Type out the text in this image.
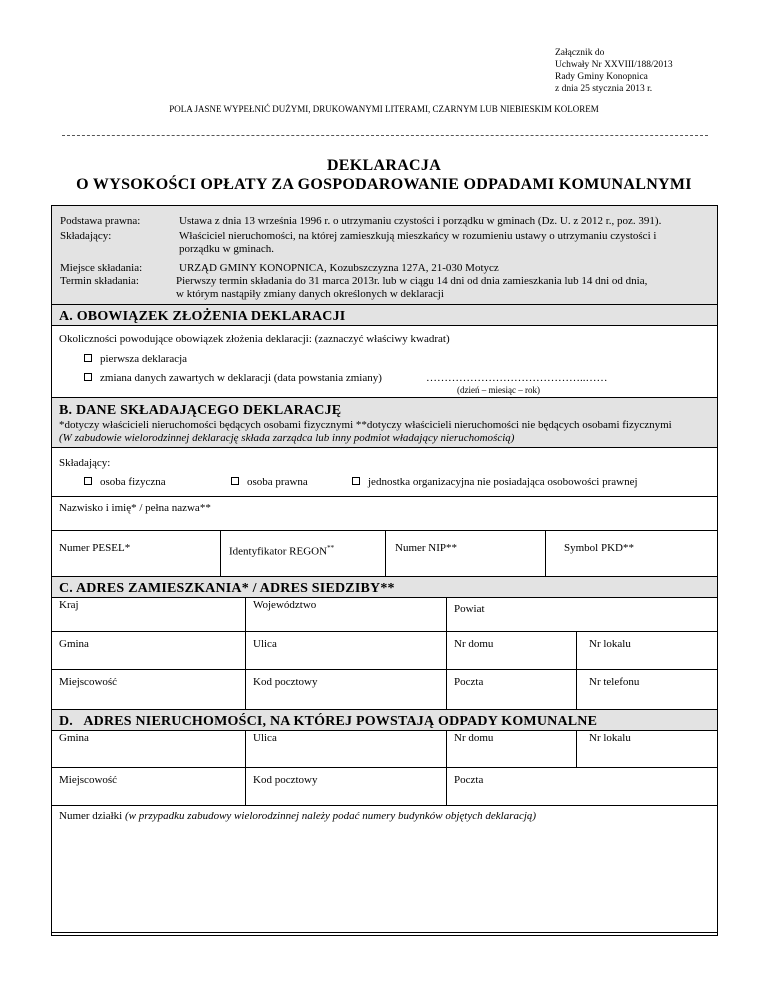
Załącznik do
Uchwały Nr XXVIII/188/2013
Rady Gminy Konopnica
z dnia 25 stycznia 2013 r.
POLA JASNE WYPEŁNIĆ DUŻYMI, DRUKOWANYMI LITERAMI, CZARNYM LUB NIEBIESKIM KOLOREM
DEKLARACJA
O WYSOKOŚCI OPŁATY ZA GOSPODAROWANIE ODPADAMI KOMUNALNYMI
Podstawa prawna:	Ustawa z dnia 13 września 1996 r. o utrzymaniu czystości i porządku w gminach (Dz. U. z 2012 r., poz. 391).
Składający:	Właściciel nieruchomości, na której zamieszkują mieszkańcy w rozumieniu ustawy o utrzymaniu czystości i
porządku w gminach.
Miejsce składania:	URZĄD GMINY KONOPNICA, Kozubszczyzna 127A, 21-030 Motycz
Termin składania:	Pierwszy termin składania do 31 marca 2013r. lub w ciągu 14 dni od dnia zamieszkania lub 14 dni od dnia,
w którym nastąpiły zmiany danych określonych w deklaracji
A. OBOWIĄZEK ZŁOŻENIA DEKLARACJI
Okoliczności powodujące obowiązek złożenia deklaracji: (zaznaczyć właściwy kwadrat)
pierwsza deklaracja
zmiana danych zawartych w deklaracji (data powstania zmiany)	……………………………………..……
(dzień – miesiąc – rok)
B. DANE SKŁADAJĄCEGO DEKLARACJĘ
*dotyczy właścicieli nieruchomości będących osobami fizycznymi **dotyczy właścicieli nieruchomości nie będących osobami fizycznymi
(W zabudowie wielorodzinnej deklarację składa zarządca lub inny podmiot władający nieruchomością)
Składający:
osoba fizyczna	osoba prawna	jednostka organizacyjna nie posiadająca osobowości prawnej
Nazwisko i imię* / pełna nazwa**
Numer PESEL*	Identyfikator REGON**	Numer NIP**	Symbol PKD**
C. ADRES ZAMIESZKANIA* / ADRES SIEDZIBY**
Kraj	Województwo	Powiat
Gmina	Ulica	Nr domu	Nr lokalu
Miejscowość	Kod pocztowy	Poczta	Nr telefonu
D.   ADRES NIERUCHOMOŚCI, NA KTÓREJ POWSTAJĄ ODPADY KOMUNALNE
Gmina	Ulica	Nr domu	Nr lokalu
Miejscowość	Kod pocztowy	Poczta
Numer działki (w przypadku zabudowy wielorodzinnej należy podać numery budynków objętych deklaracją)
